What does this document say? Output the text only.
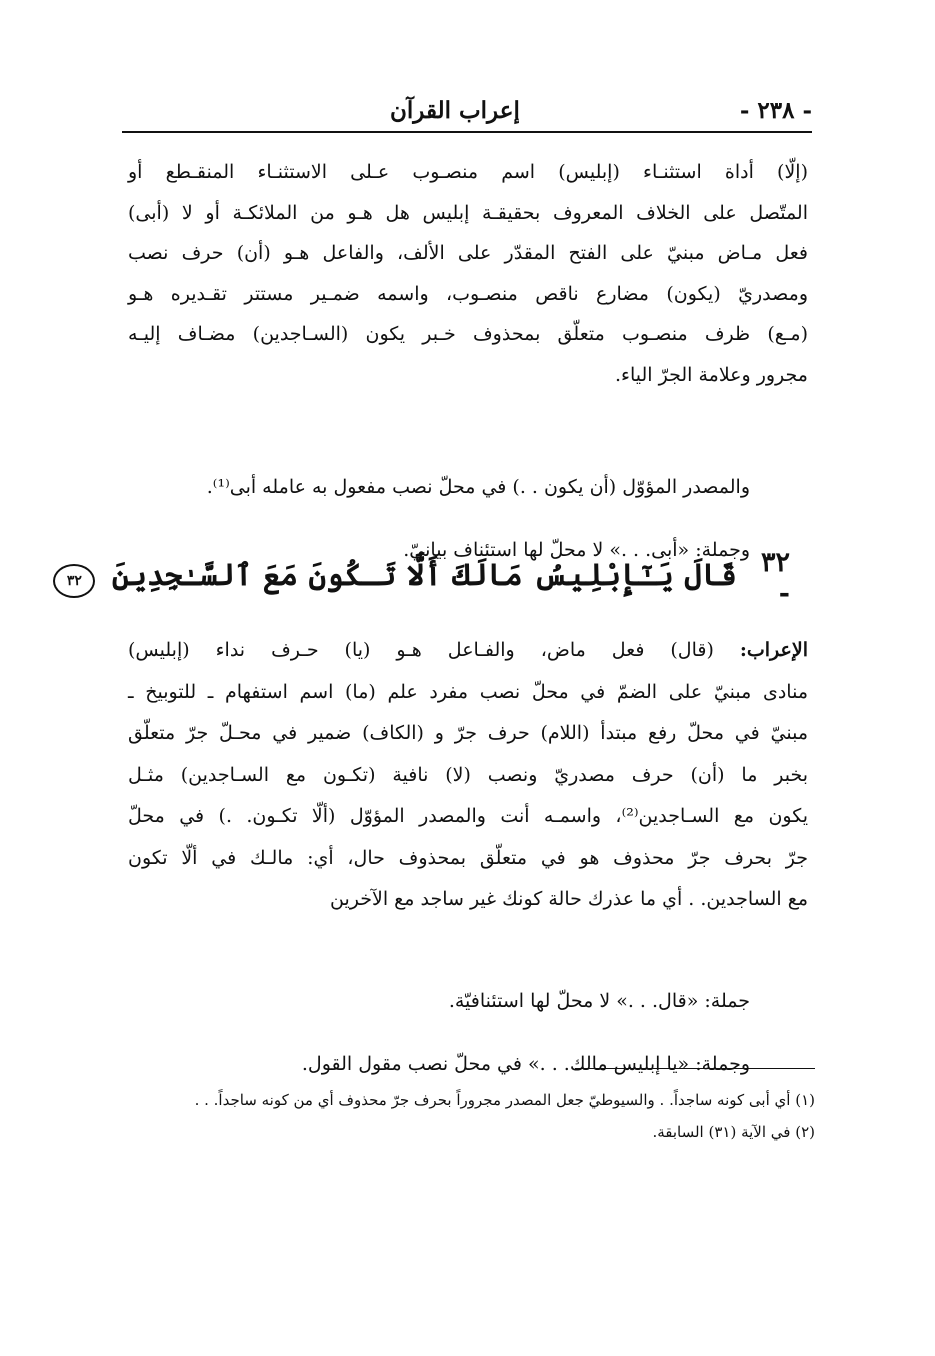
- ٢٣٨ -
إعراب القرآن
(إلّا) أداة استثنـاء (إبليس) اسم منصـوب عـلى الاستثنـاء المنقـطع أو
المتّصل على الخلاف المعروف بحقيقـة إبليس هل هـو من الملائكـة أو لا (أبى)
فعل مـاض مبنيّ على الفتح المقدّر على الألف، والفاعل هـو (أن) حرف نصب
ومصدريّ (يكون) مضارع ناقص منصـوب، واسمه ضمـير مستتر تقـديره هـو
(مـع) ظرف منصـوب متعلّق بمحذوف خـبر يكون (السـاجدين) مضـاف إليـه
مجرور وعلامة الجرّ الياء.

والمصدر المؤوّل (أن يكون . .) في محلّ نصب مفعول به عامله أبى⁽¹⁾.

وجملة: «أبى. . .» لا محلّ لها استئناف بيانيّ. ٣٢ -
قَالَ يَـٰٓإِبْلِيسُ مَالَكَ أَلَّا تَـكُونَ مَعَ ٱلسَّـٰجِدِينَ ٣٢
الإعراب: (قال) فعل ماض، والفـاعل هـو (يا) حـرف نداء (إبليس)
منادى مبنيّ على الضمّ في محلّ نصب مفرد علم (ما) اسم استفهام ـ للتوبيخ ـ
مبنيّ في محلّ رفع مبتدأ (اللام) حرف جرّ و (الكاف) ضمير في محـلّ جرّ متعلّق
بخبر ما (أن) حرف مصدريّ ونصب (لا) نافية (تكـون مع السـاجدين) مثـل
يكون مع السـاجدين⁽²⁾، واسمـه أنت والمصدر المؤوّل (ألّا تكـون. .) في محلّ
جرّ بحرف جرّ محذوف هو في متعلّق بمحذوف حال، أي: مالـك في ألّا تكون
مع الساجدين. . أي ما عذرك حالة كونك غير ساجد مع الآخرين

جملة: «قال. . .» لا محلّ لها استئنافيّة.

وجملة: «يا إبليس مالك. . .» في محلّ نصب مقول القول.

(١) أي أبى كونه ساجداً. . والسيوطيّ جعل المصدر مجروراً بحرف جرّ محذوف أي من كونه ساجداً. . .

(٢) في الآية (٣١) السابقة.
